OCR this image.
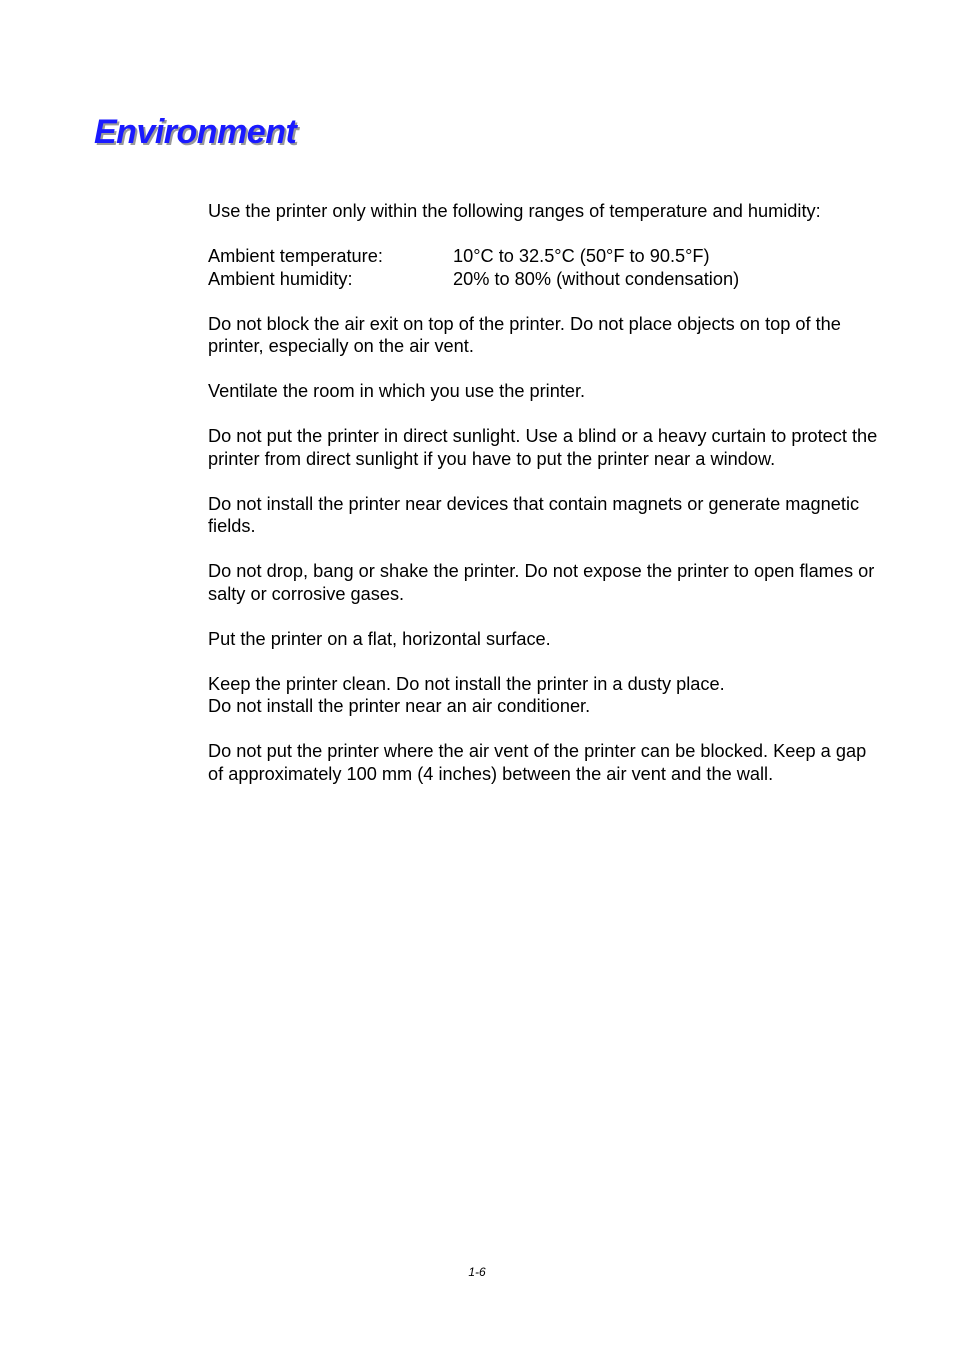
Environment

Use the printer only within the following ranges of temperature and humidity:

Ambient temperature:	10°C to 32.5°C (50°F to 90.5°F)
Ambient humidity:	20% to 80% (without condensation)

Do not block the air exit on top of the printer. Do not place objects on top of the printer, especially on the air vent.

Ventilate the room in which you use the printer.

Do not put the printer in direct sunlight. Use a blind or a heavy curtain to protect the printer from direct sunlight if you have to put the printer near a window.

Do not install the printer near devices that contain magnets or generate magnetic fields.

Do not drop, bang or shake the printer. Do not expose the printer to open flames or salty or corrosive gases.

Put the printer on a flat, horizontal surface.

Keep the printer clean. Do not install the printer in a dusty place.
Do not install the printer near an air conditioner.

Do not put the printer where the air vent of the printer can be blocked. Keep a gap of approximately 100 mm (4 inches) between the air vent and the wall.

1-6
